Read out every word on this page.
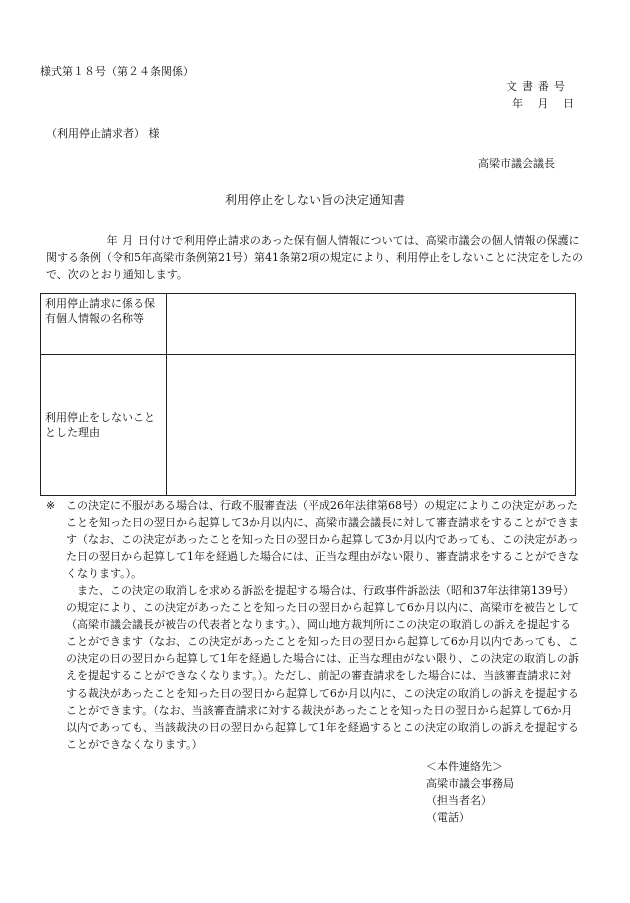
様式第１８号（第２４条関係）

文書番号

年 月 日

（利用停止請求者） 様

高梁市議会議長

利用停止をしない旨の決定通知書

年 月 日付けで利用停止請求のあった保有個人情報については、高梁市議会の個人情報の保護に関する条例（令和5年高梁市条例第21号）第41条第2項の規定により、利用停止をしないことに決定をしたので、次のとおり通知します。

利用停止請求に係る保有個人情報の名称等	
利用停止をしないこととした理由	

※ この決定に不服がある場合は、行政不服審査法（平成26年法律第68号）の規定によりこの決定があったことを知った日の翌日から起算して3か月以内に、高梁市議会議長に対して審査請求をすることができます（なお、この決定があったことを知った日の翌日から起算して3か月以内であっても、この決定があった日の翌日から起算して1年を経過した場合には、正当な理由がない限り、審査請求をすることができなくなります。）。

また、この決定の取消しを求める訴訟を提起する場合は、行政事件訴訟法（昭和37年法律第139号）の規定により、この決定があったことを知った日の翌日から起算して6か月以内に、高梁市を被告として（高梁市議会議長が被告の代表者となります。）、岡山地方裁判所にこの決定の取消しの訴えを提起することができます（なお、この決定があったことを知った日の翌日から起算して6か月以内であっても、この決定の日の翌日から起算して1年を経過した場合には、正当な理由がない限り、この決定の取消しの訴えを提起することができなくなります。）。ただし、前記の審査請求をした場合には、当該審査請求に対する裁決があったことを知った日の翌日から起算して6か月以内に、この決定の取消しの訴えを提起することができます。（なお、当該審査請求に対する裁決があったことを知った日の翌日から起算して6か月以内であっても、当該裁決の日の翌日から起算して1年を経過するとこの決定の取消しの訴えを提起することができなくなります。）

＜本件連絡先＞
高梁市議会事務局
（担当者名）
（電話）
